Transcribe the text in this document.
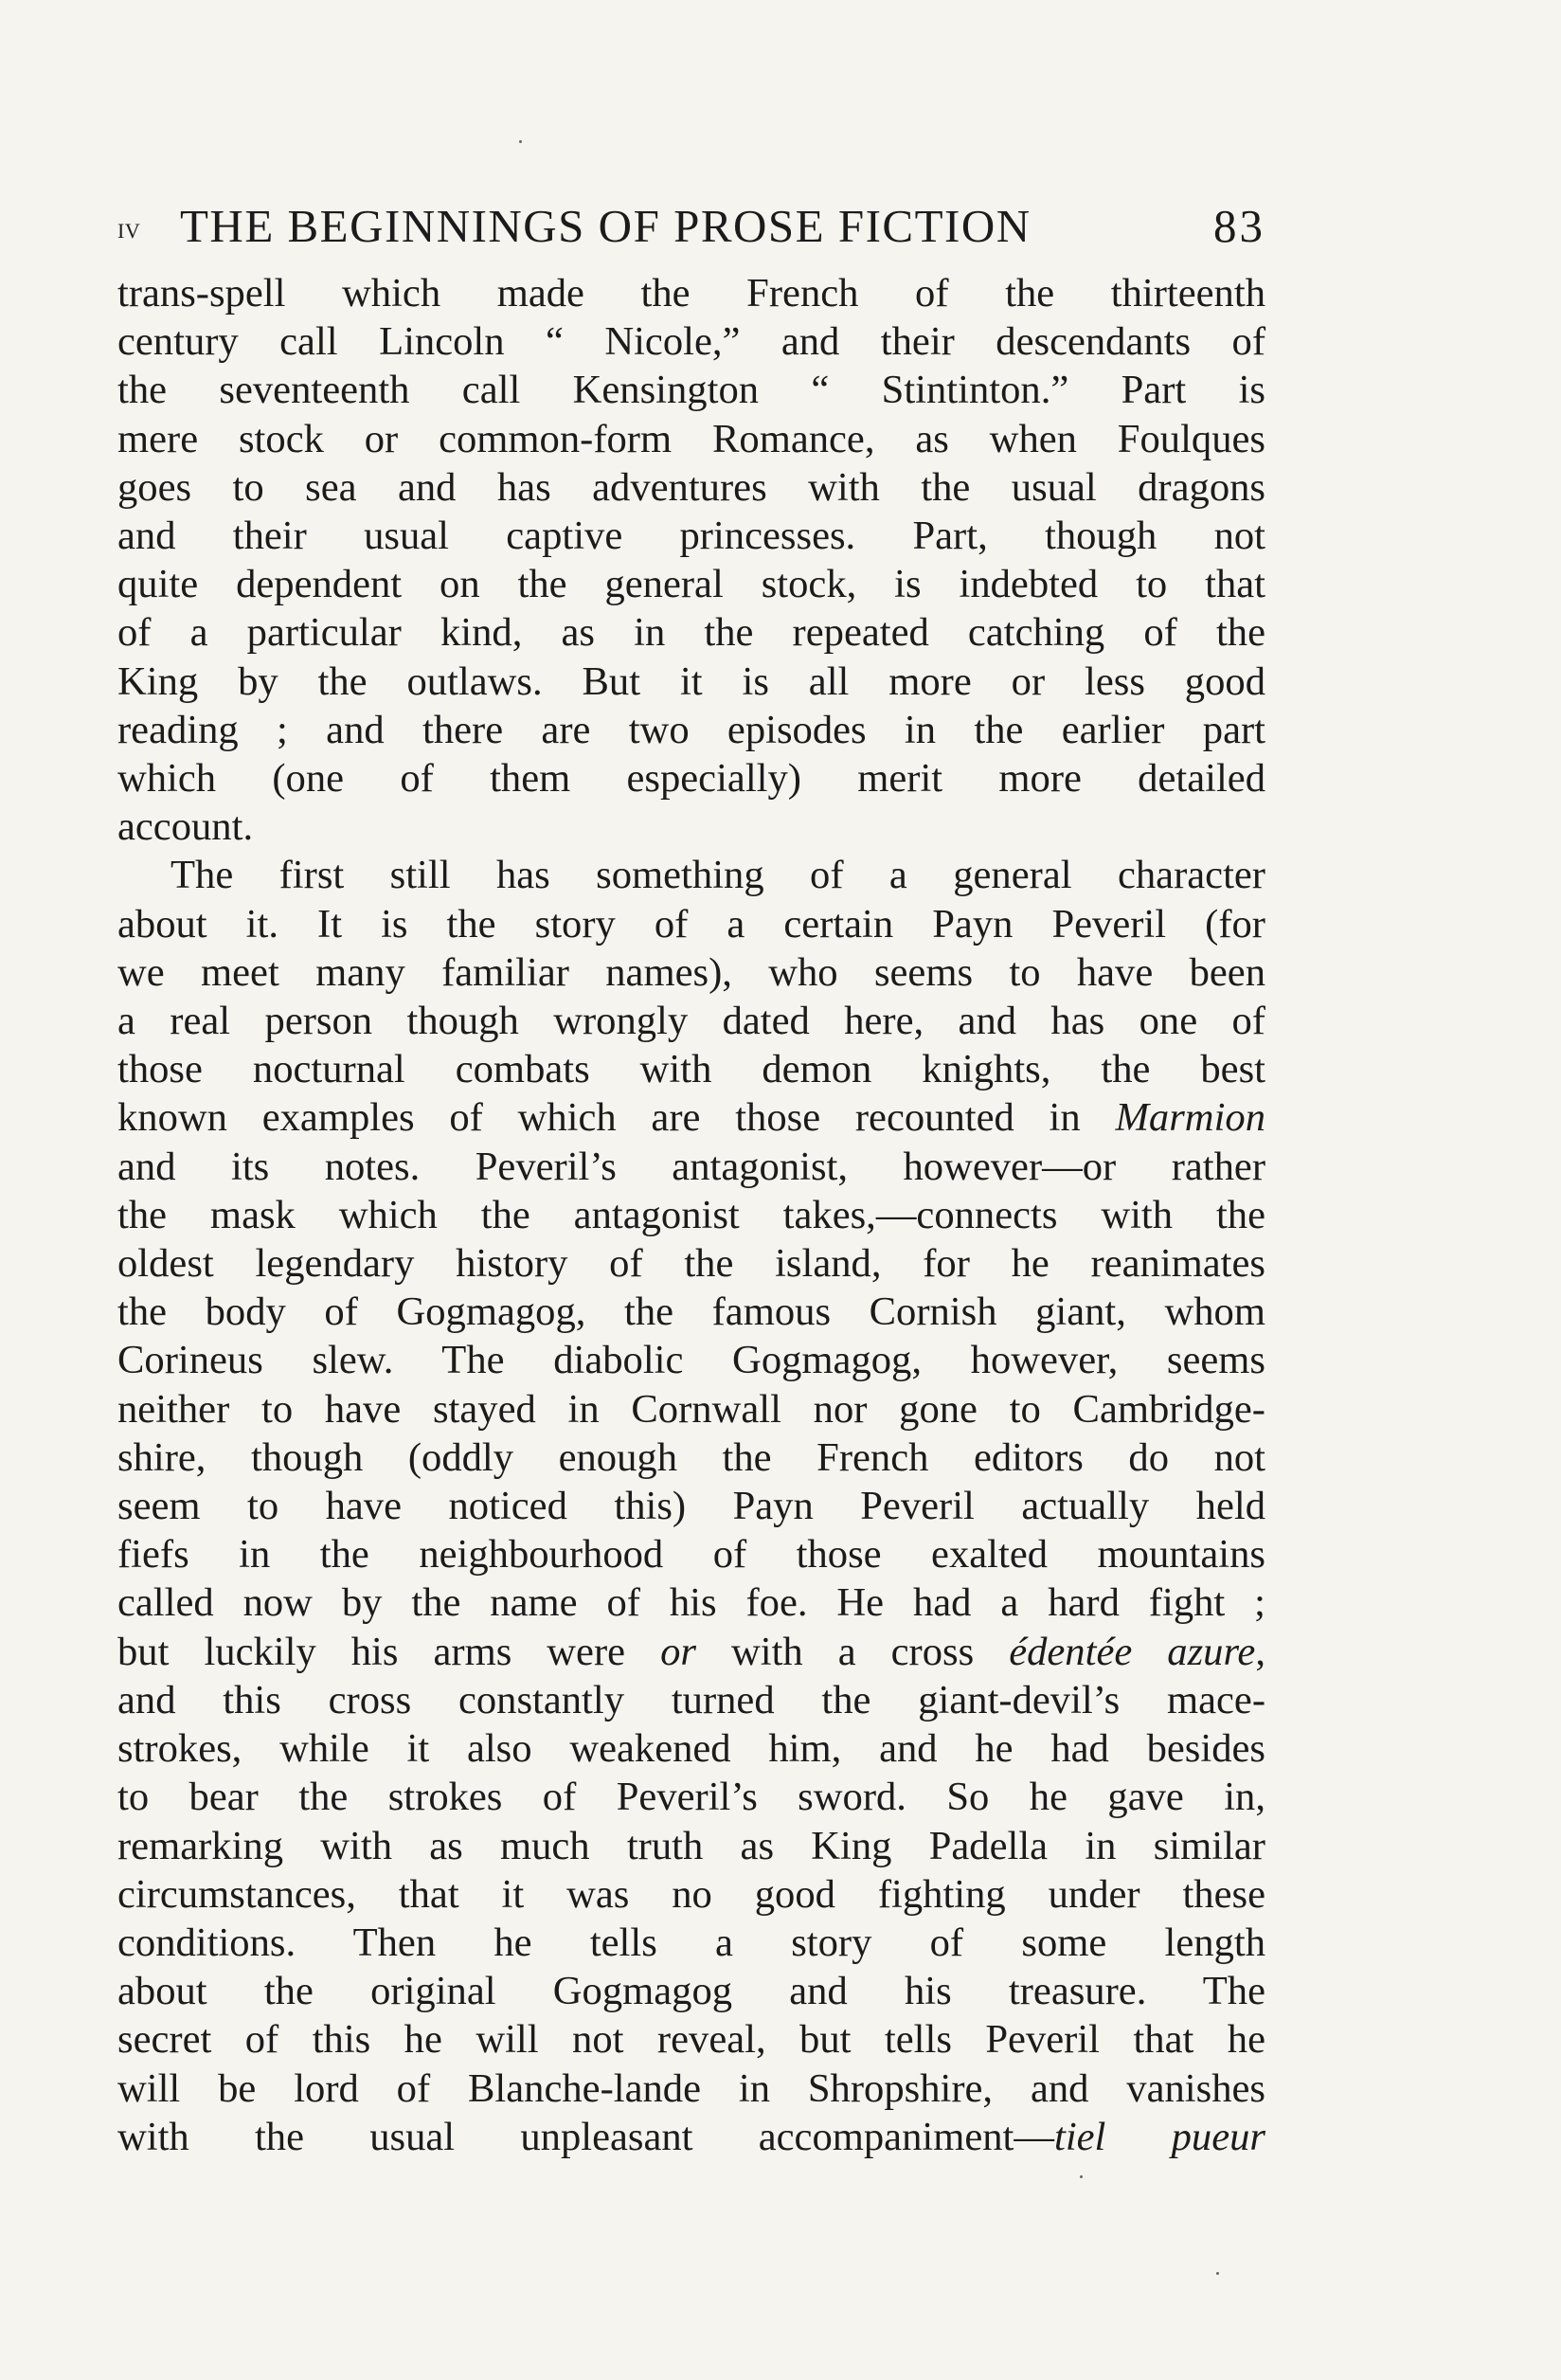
iv THE BEGINNINGS OF PROSE FICTION	83
trans-spell which made the French of the thirteenth
century call Lincoln “ Nicole,” and their descendants of
the seventeenth call Kensington “ Stintinton.” Part is
mere stock or common-form Romance, as when Foulques
goes to sea and has adventures with the usual dragons
and their usual captive princesses. Part, though not
quite dependent on the general stock, is indebted to that
of a particular kind, as in the repeated catching of the
King by the outlaws. But it is all more or less good
reading ; and there are two episodes in the earlier part
which (one of them especially) merit more detailed
account.
The first still has something of a general character
about it. It is the story of a certain Payn Peveril (for
we meet many familiar names), who seems to have been
a real person though wrongly dated here, and has one of
those nocturnal combats with demon knights, the best
known examples of which are those recounted in Marmion
and its notes. Peveril’s antagonist, however—or rather
the mask which the antagonist takes,—connects with the
oldest legendary history of the island, for he reanimates
the body of Gogmagog, the famous Cornish giant, whom
Corineus slew. The diabolic Gogmagog, however, seems
neither to have stayed in Cornwall nor gone to Cambridge-
shire, though (oddly enough the French editors do not
seem to have noticed this) Payn Peveril actually held
fiefs in the neighbourhood of those exalted mountains
called now by the name of his foe. He had a hard fight ;
but luckily his arms were or with a cross édentée azure,
and this cross constantly turned the giant-devil’s mace-
strokes, while it also weakened him, and he had besides
to bear the strokes of Peveril’s sword. So he gave in,
remarking with as much truth as King Padella in similar
circumstances, that it was no good fighting under these
conditions. Then he tells a story of some length
about the original Gogmagog and his treasure. The
secret of this he will not reveal, but tells Peveril that he
will be lord of Blanche-lande in Shropshire, and vanishes
with the usual unpleasant accompaniment—tiel pueur
